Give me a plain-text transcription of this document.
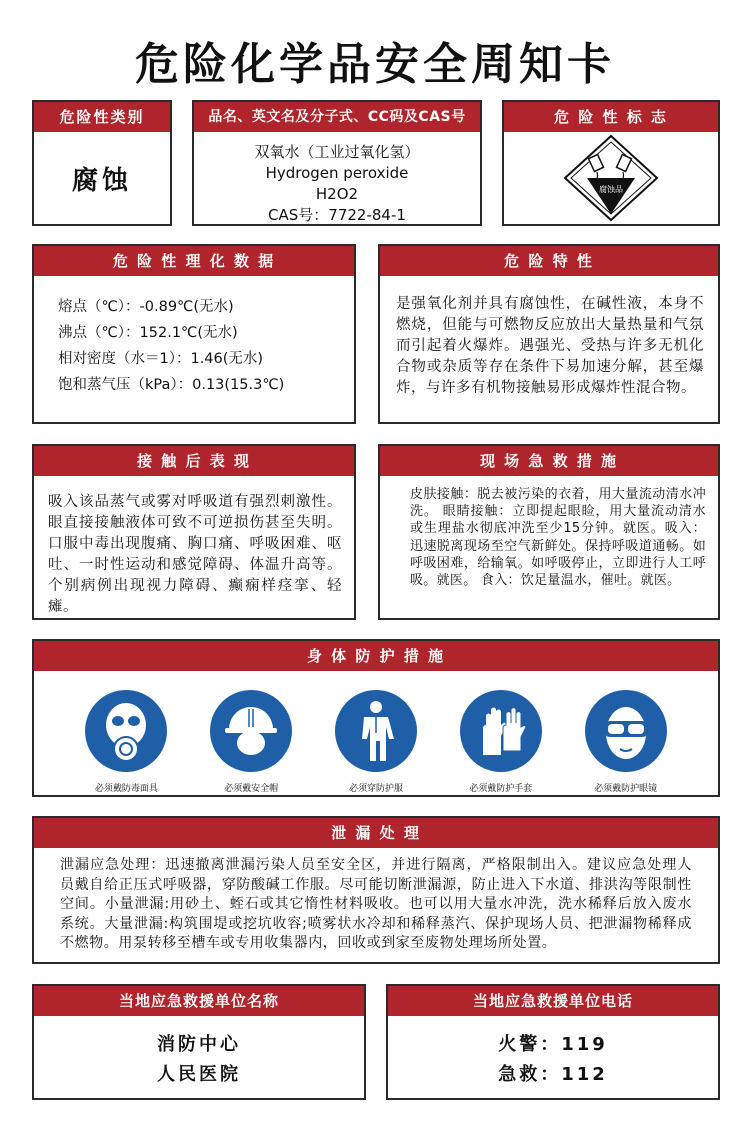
危险化学品安全周知卡
危险性类别
腐蚀
品名、英文名及分子式、CC码及CAS号
双氧水（工业过氧化氢）
Hydrogen peroxide
H2O2
CAS号：7722-84-1
危 险 性 标 志
腐蚀品
危 险 性 理 化 数 据
熔点（℃）：-0.89℃(无水)
沸点（℃）：152.1℃(无水)
相对密度（水＝1）：1.46(无水)
饱和蒸气压（kPa）：0.13(15.3℃)
危 险 特 性
是强氧化剂并具有腐蚀性，在碱性液，本身不燃烧，但能与可燃物反应放出大量热量和气氛而引起着火爆炸。遇强光、受热与许多无机化合物或杂质等存在条件下易加速分解，甚至爆炸，与许多有机物接触易形成爆炸性混合物。
接 触 后 表 现
吸入该品蒸气或雾对呼吸道有强烈刺激性。眼直接接触液体可致不可逆损伤甚至失明。口服中毒出现腹痛、胸口痛、呼吸困难、呕吐、一时性运动和感觉障碍、体温升高等。个别病例出现视力障碍、癫痫样痉挛、轻瘫。
现 场 急 救 措 施
皮肤接触：脱去被污染的衣着，用大量流动清水冲洗。 眼睛接触：立即提起眼睑，用大量流动清水或生理盐水彻底冲洗至少15分钟。就医。吸入：迅速脱离现场至空气新鲜处。保持呼吸道通畅。如呼吸困难，给输氧。如呼吸停止，立即进行人工呼吸。就医。 食入：饮足量温水，催吐。就医。
身 体 防 护 措 施
必须戴防毒面具	必须戴安全帽	必须穿防护服	必须戴防护手套	必须戴防护眼镜
泄 漏 处 理
泄漏应急处理：迅速撤离泄漏污染人员至安全区，并进行隔离，严格限制出入。建议应急处理人 员戴自给正压式呼吸器，穿防酸碱工作服。尽可能切断泄漏源，防止进入下水道、排洪沟等限制性空间。小量泄漏:用砂土、蛭石或其它惰性材料吸收。也可以用大量水冲洗，洗水稀释后放入废水系统。大量泄漏:构筑围堤或挖坑收容;喷雾状水冷却和稀释蒸汽、保护现场人员、把泄漏物稀释成不燃物。用泵转移至槽车或专用收集器内，回收或到家至废物处理场所处置。
当地应急救援单位名称
消防中心
人民医院
当地应急救援单位电话
火警：119
急救：112
